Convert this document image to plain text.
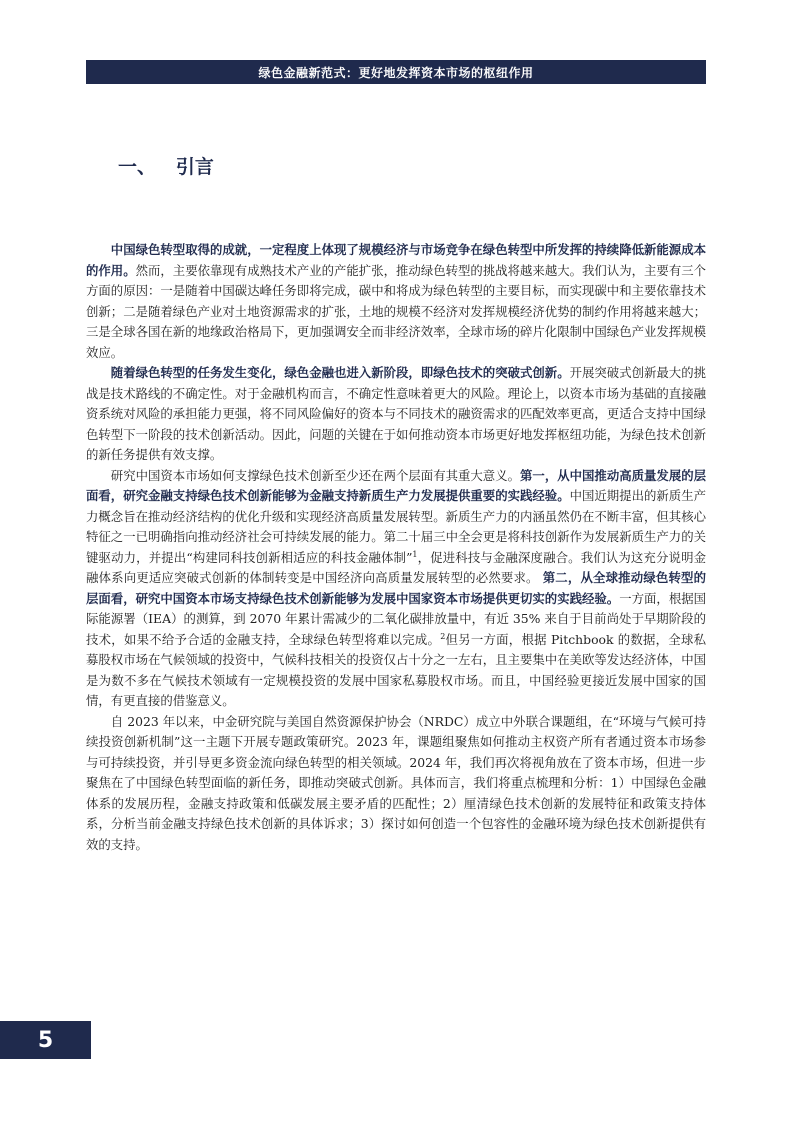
绿色金融新范式：更好地发挥资本市场的枢纽作用
一、   引言

中国绿色转型取得的成就，一定程度上体现了规模经济与市场竞争在绿色转型中所发挥的持续降低新能源成本的作用。然而，主要依靠现有成熟技术产业的产能扩张，推动绿色转型的挑战将越来越大。我们认为，主要有三个方面的原因：一是随着中国碳达峰任务即将完成，碳中和将成为绿色转型的主要目标，而实现碳中和主要依靠技术创新；二是随着绿色产业对土地资源需求的扩张，土地的规模不经济对发挥规模经济优势的制约作用将越来越大；三是全球各国在新的地缘政治格局下，更加强调安全而非经济效率，全球市场的碎片化限制中国绿色产业发挥规模效应。

随着绿色转型的任务发生变化，绿色金融也进入新阶段，即绿色技术的突破式创新。开展突破式创新最大的挑战是技术路线的不确定性。对于金融机构而言，不确定性意味着更大的风险。理论上，以资本市场为基础的直接融资系统对风险的承担能力更强，将不同风险偏好的资本与不同技术的融资需求的匹配效率更高，更适合支持中国绿色转型下一阶段的技术创新活动。因此，问题的关键在于如何推动资本市场更好地发挥枢纽功能，为绿色技术创新的新任务提供有效支撑。

研究中国资本市场如何支撑绿色技术创新至少还在两个层面有其重大意义。第一，从中国推动高质量发展的层面看，研究金融支持绿色技术创新能够为金融支持新质生产力发展提供重要的实践经验。中国近期提出的新质生产力概念旨在推动经济结构的优化升级和实现经济高质量发展转型。新质生产力的内涵虽然仍在不断丰富，但其核心特征之一已明确指向推动经济社会可持续发展的能力。第二十届三中全会更是将科技创新作为发展新质生产力的关键驱动力，并提出“构建同科技创新相适应的科技金融体制”$^1$，促进科技与金融深度融合。我们认为这充分说明金融体系向更适应突破式创新的体制转变是中国经济向高质量发展转型的必然要求。 第二，从全球推动绿色转型的层面看，研究中国资本市场支持绿色技术创新能够为发展中国家资本市场提供更切实的实践经验。一方面，根据国际能源署（IEA）的测算，到 2070 年累计需减少的二氧化碳排放量中，有近 35% 来自于目前尚处于早期阶段的技术，如果不给予合适的金融支持，全球绿色转型将难以完成。$^2$但另一方面，根据 Pitchbook 的数据，全球私募股权市场在气候领域的投资中，气候科技相关的投资仅占十分之一左右，且主要集中在美欧等发达经济体，中国是为数不多在气候技术领域有一定规模投资的发展中国家私募股权市场。而且，中国经验更接近发展中国家的国情，有更直接的借鉴意义。

自 2023 年以来，中金研究院与美国自然资源保护协会（NRDC）成立中外联合课题组，在“环境与气候可持续投资创新机制”这一主题下开展专题政策研究。2023 年，课题组聚焦如何推动主权资产所有者通过资本市场参与可持续投资，并引导更多资金流向绿色转型的相关领域。2024 年，我们再次将视角放在了资本市场，但进一步聚焦在了中国绿色转型面临的新任务，即推动突破式创新。具体而言，我们将重点梳理和分析：1）中国绿色金融体系的发展历程，金融支持政策和低碳发展主要矛盾的匹配性；2）厘清绿色技术创新的发展特征和政策支持体系，分析当前金融支持绿色技术创新的具体诉求；3）探讨如何创造一个包容性的金融环境为绿色技术创新提供有效的支持。

5
